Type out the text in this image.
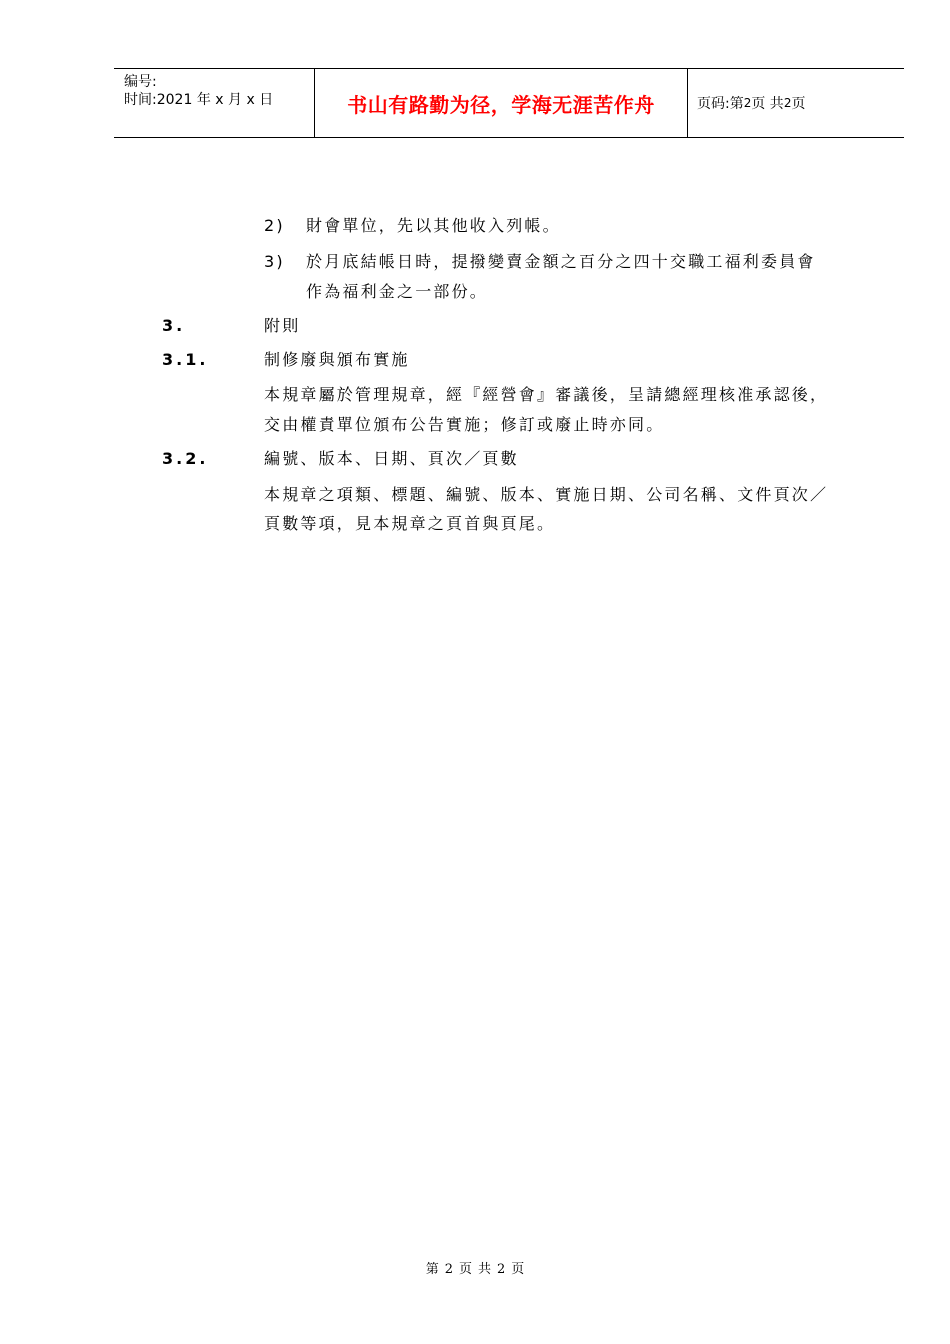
编号:
时间:2021 年 x 月 x 日	书山有路勤为径，学海无涯苦作舟	页码:第 2 页 共 2 页
2) 財會單位，先以其他收入列帳。
3) 於月底結帳日時，提撥變賣金額之百分之四十交職工福利委員會
作為福利金之一部份。
3.	附則
3.1.	制修廢與頒布實施
本規章屬於管理規章，經『經營會』審議後，呈請總經理核准承認後，
交由權責單位頒布公告實施；修訂或廢止時亦同。
3.2.	編號、版本、日期、頁次／頁數
本規章之項類、標題、編號、版本、實施日期、公司名稱、文件頁次／
頁數等項，見本規章之頁首與頁尾。
第 2 页 共 2 页
